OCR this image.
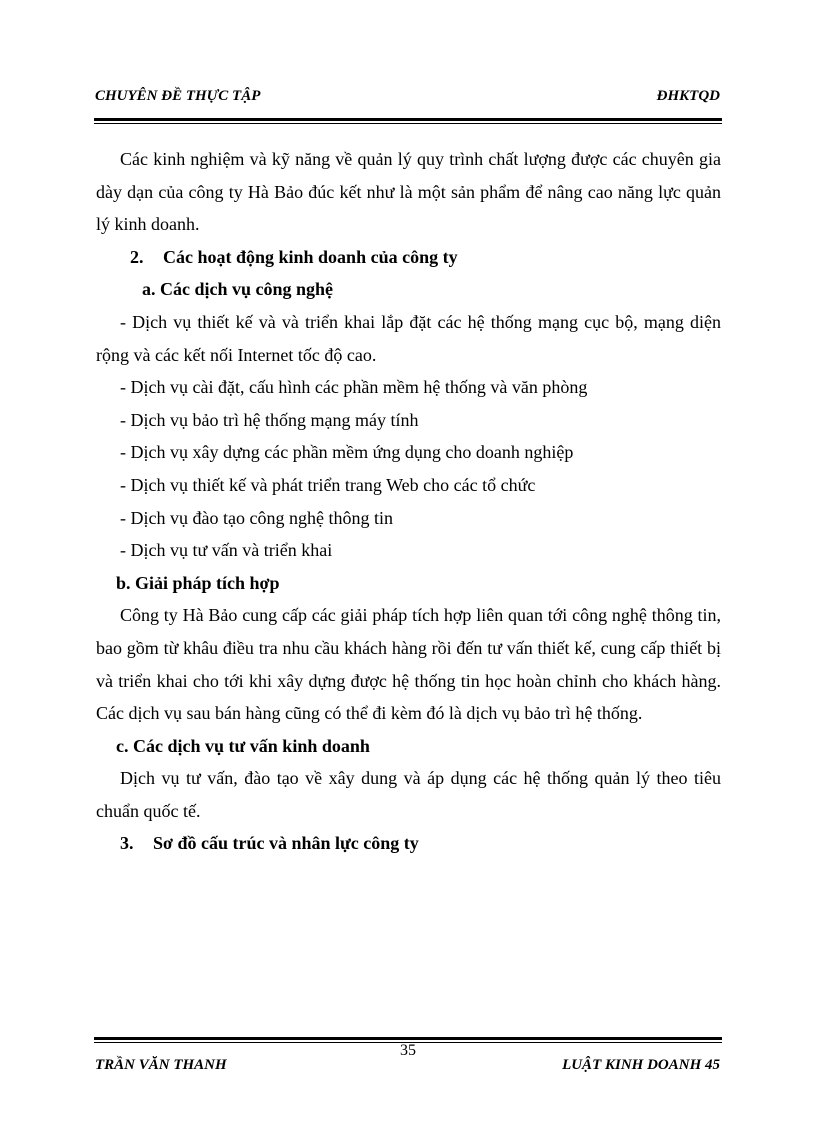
CHUYÊN ĐỀ THỰC TẬP	ĐHKTQD

Các kinh nghiệm và kỹ năng về quản lý quy trình chất lượng được các chuyên gia dày dạn của công ty Hà Bảo đúc kết như là một sản phẩm để nâng cao năng lực quản lý kinh doanh.

2. Các hoạt động kinh doanh của công ty

a. Các dịch vụ công nghệ

- Dịch vụ thiết kế và và triển khai lắp đặt các hệ thống mạng cục bộ, mạng diện rộng và các kết nối Internet tốc độ cao.

- Dịch vụ cài đặt, cấu hình các phần mềm hệ thống và văn phòng

- Dịch vụ bảo trì hệ thống mạng máy tính

- Dịch vụ xây dựng các phần mềm ứng dụng cho doanh nghiệp

- Dịch vụ thiết kế và phát triển trang Web cho các tổ chức

- Dịch vụ đào tạo công nghệ thông tin

- Dịch vụ tư vấn và triển khai

b. Giải pháp tích hợp

Công ty Hà Bảo cung cấp các giải pháp tích hợp liên quan tới công nghệ thông tin, bao gồm từ khâu điều tra nhu cầu khách hàng rồi đến tư vấn thiết kế, cung cấp thiết bị và triển khai cho tới khi xây dựng được hệ thống tin học hoàn chỉnh cho khách hàng. Các dịch vụ sau bán hàng cũng có thể đi kèm đó là dịch vụ bảo trì hệ thống.

c. Các dịch vụ tư vấn kinh doanh

Dịch vụ tư vấn, đào tạo về xây dung và áp dụng các hệ thống quản lý theo tiêu chuẩn quốc tế.

3. Sơ đồ cấu trúc và nhân lực công ty

35
TRẦN VĂN THANH	LUẬT KINH DOANH 45
